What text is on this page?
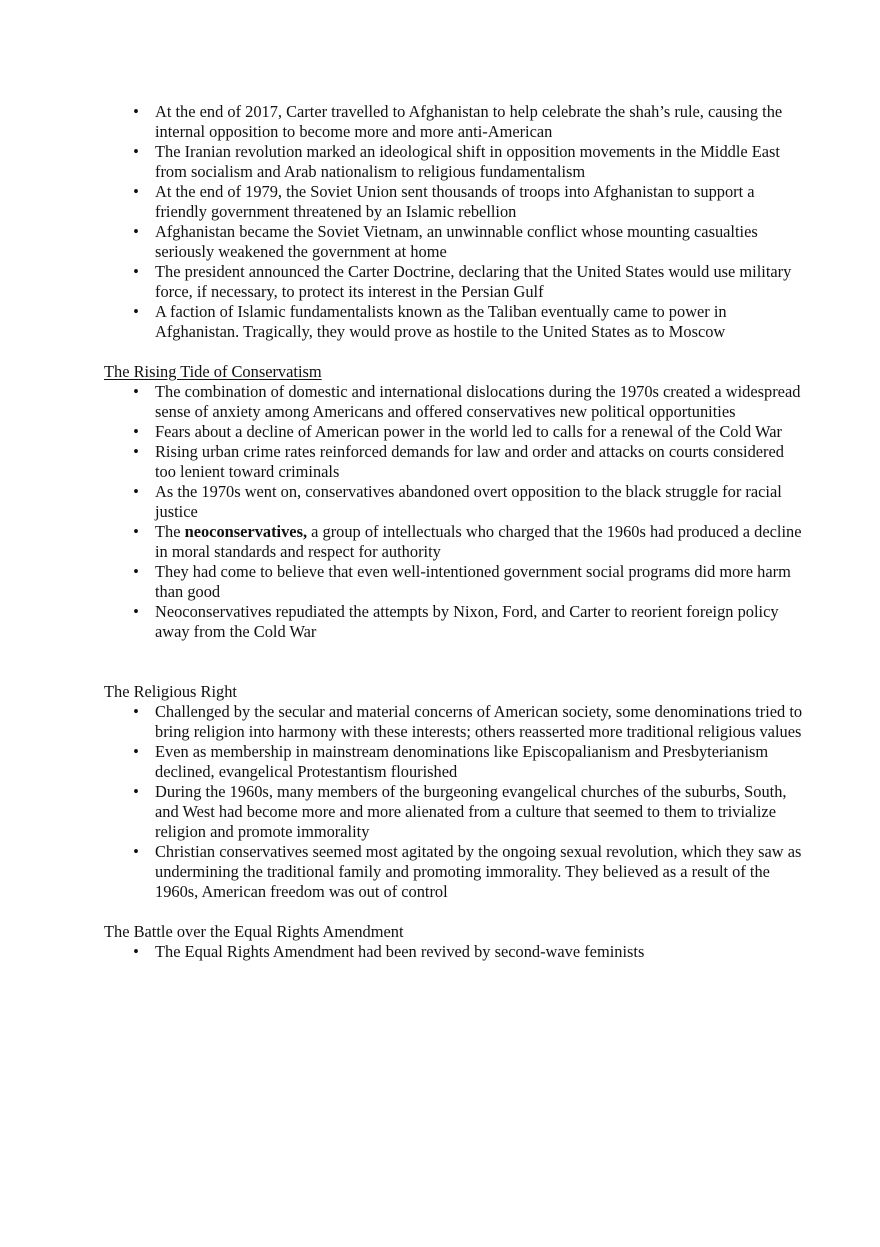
• At the end of 2017, Carter travelled to Afghanistan to help celebrate the shah’s rule, causing the internal opposition to become more and more anti-American
• The Iranian revolution marked an ideological shift in opposition movements in the Middle East from socialism and Arab nationalism to religious fundamentalism
• At the end of 1979, the Soviet Union sent thousands of troops into Afghanistan to support a friendly government threatened by an Islamic rebellion
• Afghanistan became the Soviet Vietnam, an unwinnable conflict whose mounting casualties seriously weakened the government at home
• The president announced the Carter Doctrine, declaring that the United States would use military force, if necessary, to protect its interest in the Persian Gulf
• A faction of Islamic fundamentalists known as the Taliban eventually came to power in Afghanistan. Tragically, they would prove as hostile to the United States as to Moscow

The Rising Tide of Conservatism

• The combination of domestic and international dislocations during the 1970s created a widespread sense of anxiety among Americans and offered conservatives new political opportunities
• Fears about a decline of American power in the world led to calls for a renewal of the Cold War
• Rising urban crime rates reinforced demands for law and order and attacks on courts considered too lenient toward criminals
• As the 1970s went on, conservatives abandoned overt opposition to the black struggle for racial justice
• The neoconservatives, a group of intellectuals who charged that the 1960s had produced a decline in moral standards and respect for authority
• They had come to believe that even well-intentioned government social programs did more harm than good
• Neoconservatives repudiated the attempts by Nixon, Ford, and Carter to reorient foreign policy away from the Cold War

The Religious Right

• Challenged by the secular and material concerns of American society, some denominations tried to bring religion into harmony with these interests; others reasserted more traditional religious values
• Even as membership in mainstream denominations like Episcopalianism and Presbyterianism declined, evangelical Protestantism flourished
• During the 1960s, many members of the burgeoning evangelical churches of the suburbs, South, and West had become more and more alienated from a culture that seemed to them to trivialize religion and promote immorality
• Christian conservatives seemed most agitated by the ongoing sexual revolution, which they saw as undermining the traditional family and promoting immorality. They believed as a result of the 1960s, American freedom was out of control

The Battle over the Equal Rights Amendment

• The Equal Rights Amendment had been revived by second-wave feminists
